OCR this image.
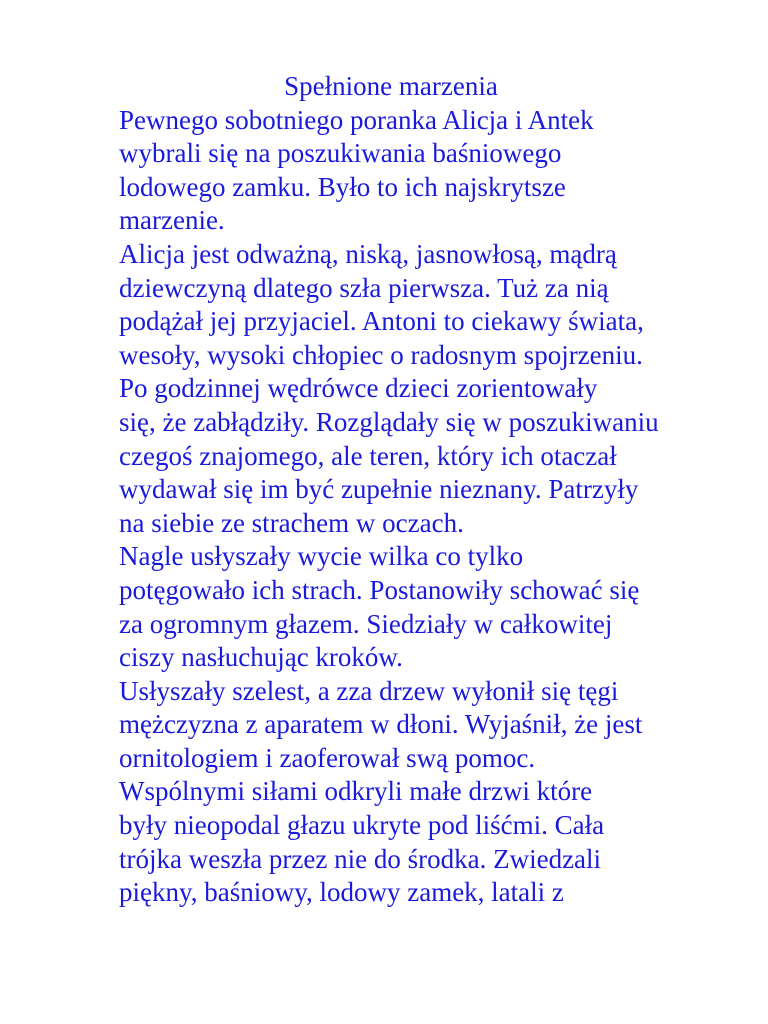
Spełnione marzenia

Pewnego sobotniego poranka Alicja i Antek
wybrali się na poszukiwania baśniowego
lodowego zamku. Było to ich najskrytsze
marzenie.

Alicja jest odważną, niską, jasnowłosą, mądrą
dziewczyną dlatego szła pierwsza. Tuż za nią
podążał jej przyjaciel. Antoni to ciekawy świata,
wesoły, wysoki chłopiec o radosnym spojrzeniu.

Po godzinnej wędrówce dzieci zorientowały
się, że zabłądziły. Rozglądały się w poszukiwaniu
czegoś znajomego, ale teren, który ich otaczał
wydawał się im być zupełnie nieznany. Patrzyły
na siebie ze strachem w oczach.

Nagle usłyszały wycie wilka co tylko
potęgowało ich strach. Postanowiły schować się
za ogromnym głazem. Siedziały w całkowitej
ciszy nasłuchując kroków.

Usłyszały szelest, a zza drzew wyłonił się tęgi
mężczyzna z aparatem w dłoni. Wyjaśnił, że jest
ornitologiem i zaoferował swą pomoc.

Wspólnymi siłami odkryli małe drzwi które
były nieopodal głazu ukryte pod liśćmi. Cała
trójka weszła przez nie do środka. Zwiedzali
piękny, baśniowy, lodowy zamek, latali z
